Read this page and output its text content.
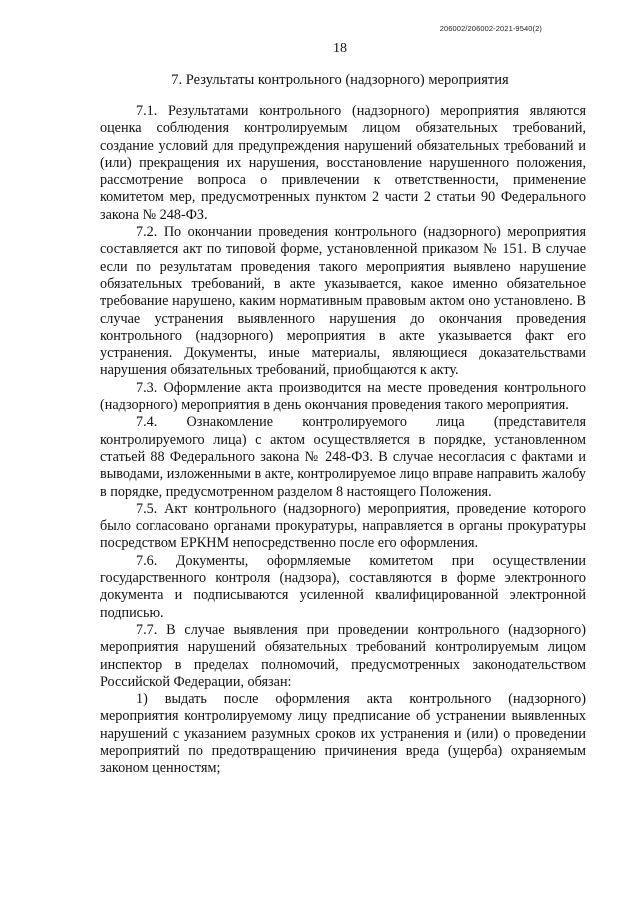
206002/206002-2021-9540(2)
18
7. Результаты контрольного (надзорного) мероприятия

7.1. Результатами контрольного (надзорного) мероприятия являются оценка соблюдения контролируемым лицом обязательных требований, создание условий для предупреждения нарушений обязательных требований и (или) прекращения их нарушения, восстановление нарушенного положения, рассмотрение вопроса о привлечении к ответственности, применение комитетом мер, предусмотренных пунктом 2 части 2 статьи 90 Федерального закона № 248-ФЗ.

7.2. По окончании проведения контрольного (надзорного) мероприятия составляется акт по типовой форме, установленной приказом № 151. В случае если по результатам проведения такого мероприятия выявлено нарушение обязательных требований, в акте указывается, какое именно обязательное требование нарушено, каким нормативным правовым актом оно установлено. В случае устранения выявленного нарушения до окончания проведения контрольного (надзорного) мероприятия в акте указывается факт его устранения. Документы, иные материалы, являющиеся доказательствами нарушения обязательных требований, приобщаются к акту.

7.3. Оформление акта производится на месте проведения контрольного (надзорного) мероприятия в день окончания проведения такого мероприятия.

7.4. Ознакомление контролируемого лица (представителя контролируемого лица) с актом осуществляется в порядке, установленном статьей 88 Федерального закона № 248-ФЗ. В случае несогласия с фактами и выводами, изложенными в акте, контролируемое лицо вправе направить жалобу в порядке, предусмотренном разделом 8 настоящего Положения.

7.5. Акт контрольного (надзорного) мероприятия, проведение которого было согласовано органами прокуратуры, направляется в органы прокуратуры посредством ЕРКНМ непосредственно после его оформления.

7.6. Документы, оформляемые комитетом при осуществлении государственного контроля (надзора), составляются в форме электронного документа и подписываются усиленной квалифицированной электронной подписью.

7.7. В случае выявления при проведении контрольного (надзорного) мероприятия нарушений обязательных требований контролируемым лицом инспектор в пределах полномочий, предусмотренных законодательством Российской Федерации, обязан:

1) выдать после оформления акта контрольного (надзорного) мероприятия контролируемому лицу предписание об устранении выявленных нарушений с указанием разумных сроков их устранения и (или) о проведении мероприятий по предотвращению причинения вреда (ущерба) охраняемым законом ценностям;
